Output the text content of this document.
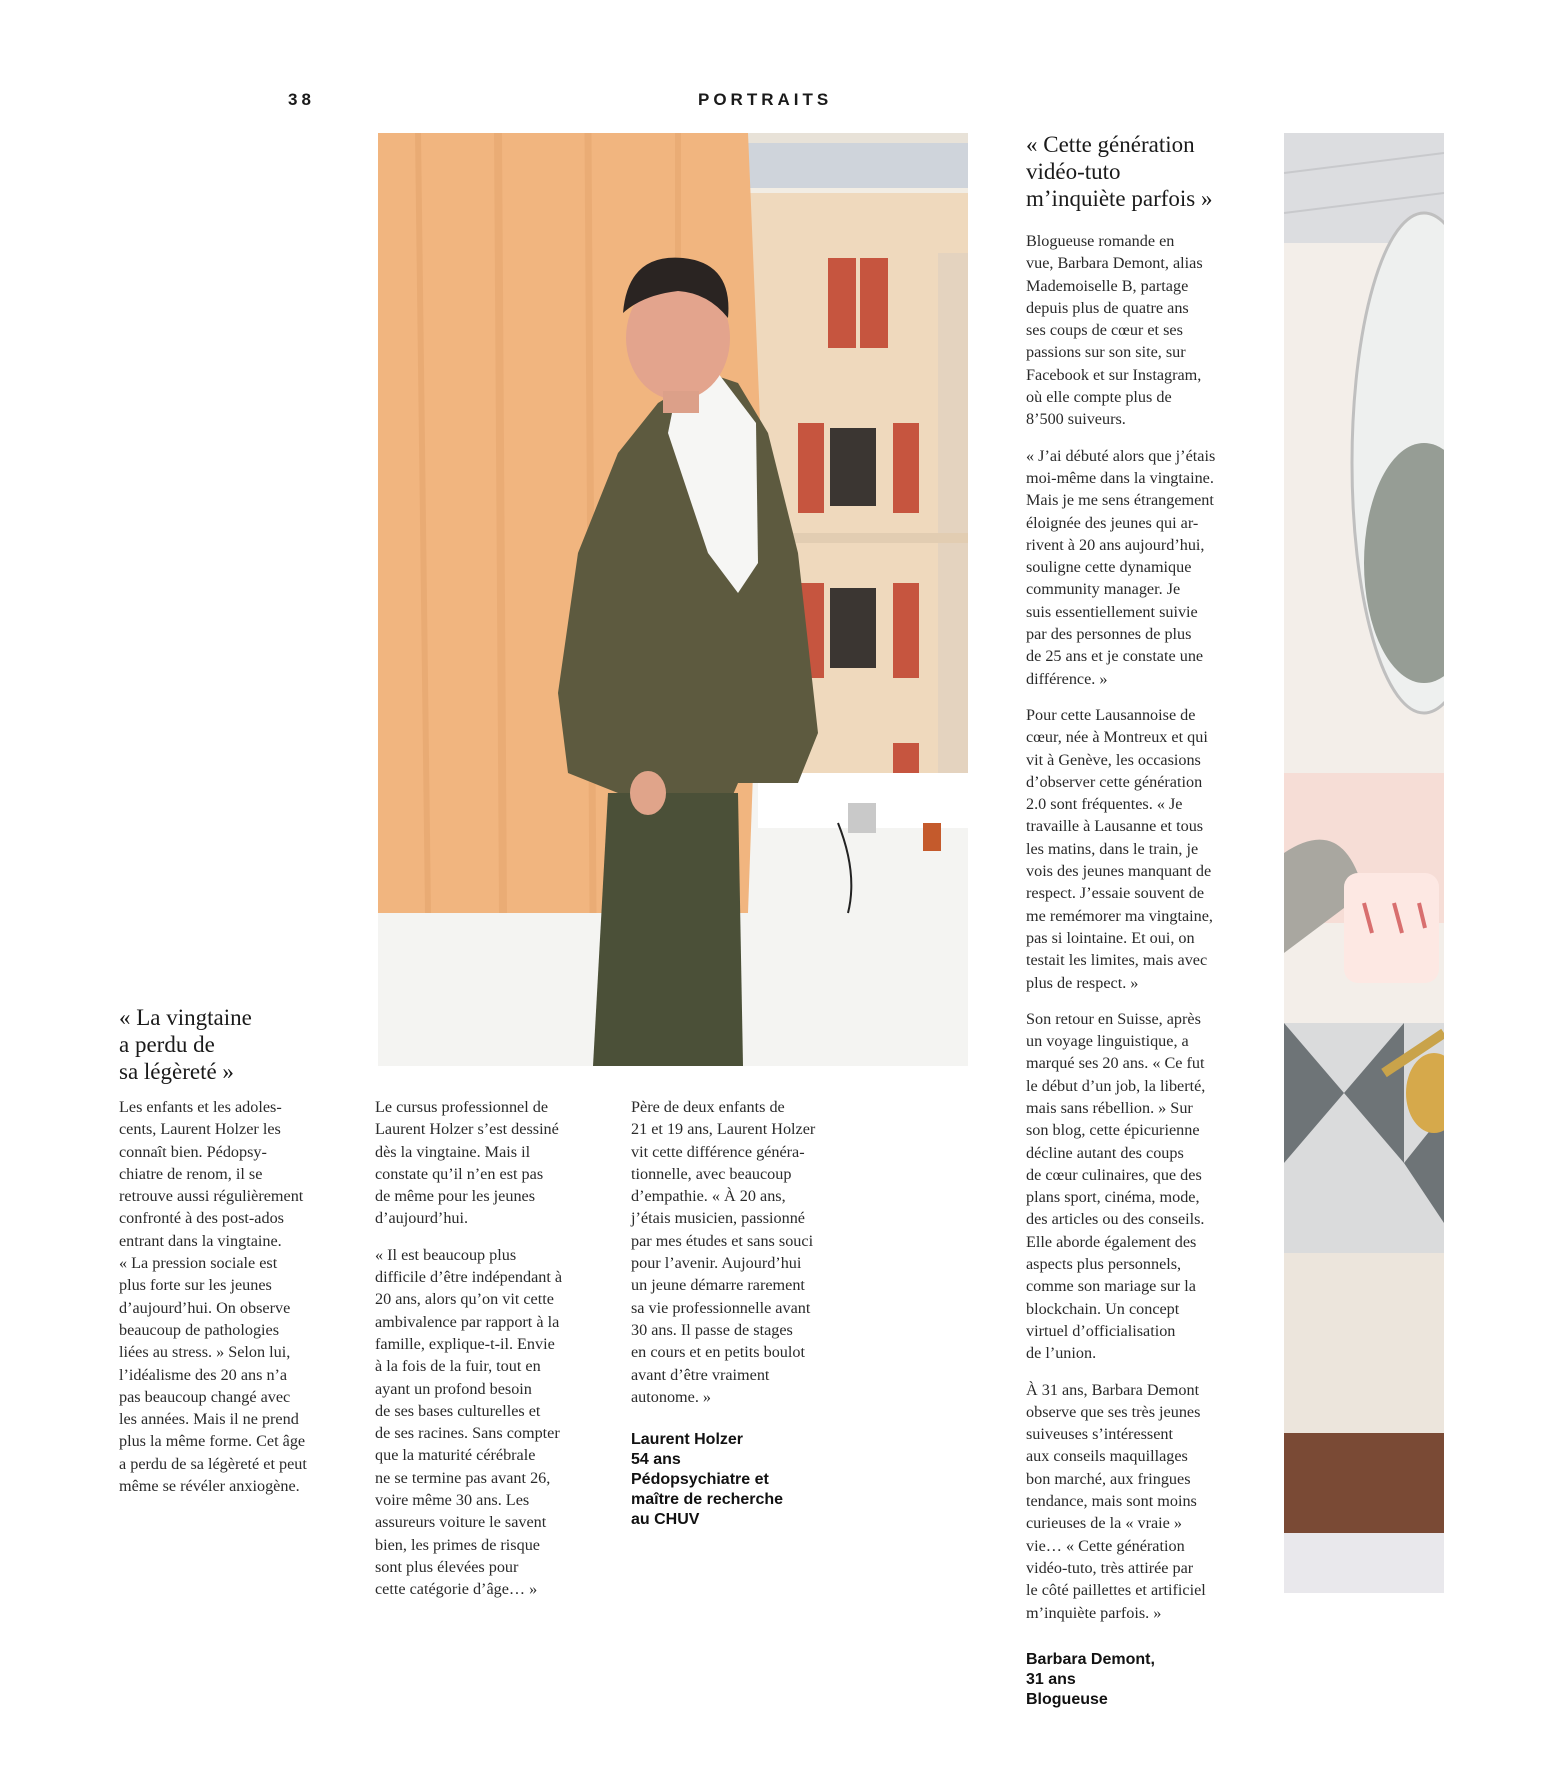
38	PORTRAITS
« La vingtaine
a perdu de
sa légèreté »

Les enfants et les adoles-
cents, Laurent Holzer les
connaît bien. Pédopsy-
chiatre de renom, il se
retrouve aussi régulièrement
confronté à des post-ados
entrant dans la vingtaine.
« La pression sociale est
plus forte sur les jeunes
d’aujourd’hui. On observe
beaucoup de pathologies
liées au stress. » Selon lui,
l’idéalisme des 20 ans n’a
pas beaucoup changé avec
les années. Mais il ne prend
plus la même forme. Cet âge
a perdu de sa légèreté et peut
même se révéler anxiogène.

Le cursus professionnel de
Laurent Holzer s’est dessiné
dès la vingtaine. Mais il
constate qu’il n’en est pas
de même pour les jeunes
d’aujourd’hui.

« Il est beaucoup plus
difficile d’être indépendant à
20 ans, alors qu’on vit cette
ambivalence par rapport à la
famille, explique-t-il. Envie
à la fois de la fuir, tout en
ayant un profond besoin
de ses bases culturelles et
de ses racines. Sans compter
que la maturité cérébrale
ne se termine pas avant 26,
voire même 30 ans. Les
assureurs voiture le savent
bien, les primes de risque
sont plus élevées pour
cette catégorie d’âge… »

Père de deux enfants de
21 et 19 ans, Laurent Holzer
vit cette différence généra-
tionnelle, avec beaucoup
d’empathie. « À 20 ans,
j’étais musicien, passionné
par mes études et sans souci
pour l’avenir. Aujourd’hui
un jeune démarre rarement
sa vie professionnelle avant
30 ans. Il passe de stages
en cours et en petits boulot
avant d’être vraiment
autonome. »

Laurent Holzer
54 ans
Pédopsychiatre et
maître de recherche
au CHUV
« Cette génération
vidéo-tuto
m’inquiète parfois »

Blogueuse romande en
vue, Barbara Demont, alias
Mademoiselle B, partage
depuis plus de quatre ans
ses coups de cœur et ses
passions sur son site, sur
Facebook et sur Instagram,
où elle compte plus de
8’500 suiveurs.

« J’ai débuté alors que j’étais
moi-même dans la vingtaine.
Mais je me sens étrangement
éloignée des jeunes qui ar-
rivent à 20 ans aujourd’hui,
souligne cette dynamique
community manager. Je
suis essentiellement suivie
par des personnes de plus
de 25 ans et je constate une
différence. »

Pour cette Lausannoise de
cœur, née à Montreux et qui
vit à Genève, les occasions
d’observer cette génération
2.0 sont fréquentes. « Je
travaille à Lausanne et tous
les matins, dans le train, je
vois des jeunes manquant de
respect. J’essaie souvent de
me remémorer ma vingtaine,
pas si lointaine. Et oui, on
testait les limites, mais avec
plus de respect. »

Son retour en Suisse, après
un voyage linguistique, a
marqué ses 20 ans. « Ce fut
le début d’un job, la liberté,
mais sans rébellion. » Sur
son blog, cette épicurienne
décline autant des coups
de cœur culinaires, que des
plans sport, cinéma, mode,
des articles ou des conseils.
Elle aborde également des
aspects plus personnels,
comme son mariage sur la
blockchain. Un concept
virtuel d’officialisation
de l’union.

À 31 ans, Barbara Demont
observe que ses très jeunes
suiveuses s’intéressent
aux conseils maquillages
bon marché, aux fringues
tendance, mais sont moins
curieuses de la « vraie »
vie… « Cette génération
vidéo-tuto, très attirée par
le côté paillettes et artificiel
m’inquiète parfois. »

Barbara Demont,
31 ans
Blogueuse
